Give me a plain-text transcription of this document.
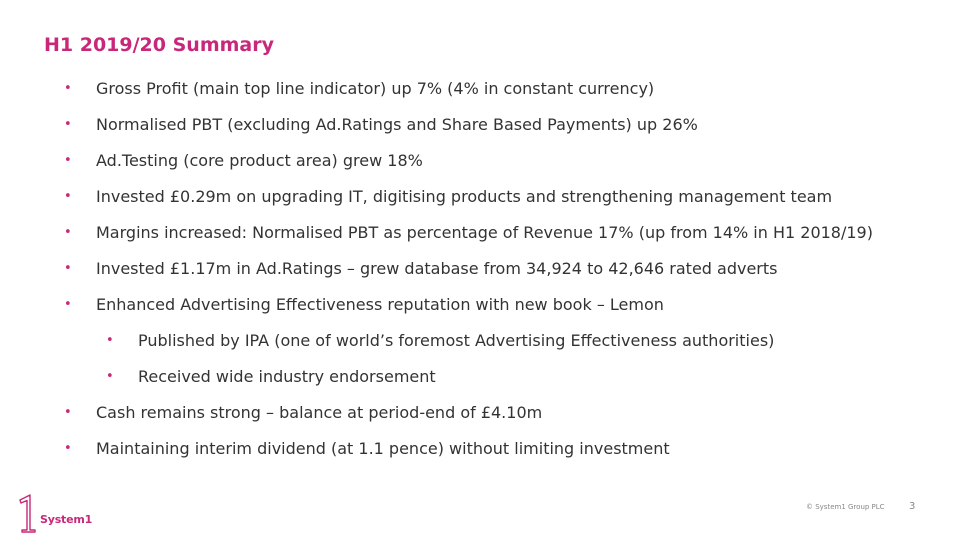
H1 2019/20 Summary
• Gross Profit (main top line indicator) up 7% (4% in constant currency)
• Normalised PBT (excluding Ad.Ratings and Share Based Payments) up 26%
• Ad.Testing (core product area) grew 18%
• Invested £0.29m on upgrading IT, digitising products and strengthening management team
• Margins increased: Normalised PBT as percentage of Revenue 17% (up from 14% in H1 2018/19)
• Invested £1.17m in Ad.Ratings – grew database from 34,924 to 42,646 rated adverts
• Enhanced Advertising Effectiveness reputation with new book – Lemon
• Published by IPA (one of world’s foremost Advertising Effectiveness authorities)
• Received wide industry endorsement
• Cash remains strong – balance at period-end of £4.10m
• Maintaining interim dividend (at 1.1 pence) without limiting investment
System1
© System1 Group PLC 3
